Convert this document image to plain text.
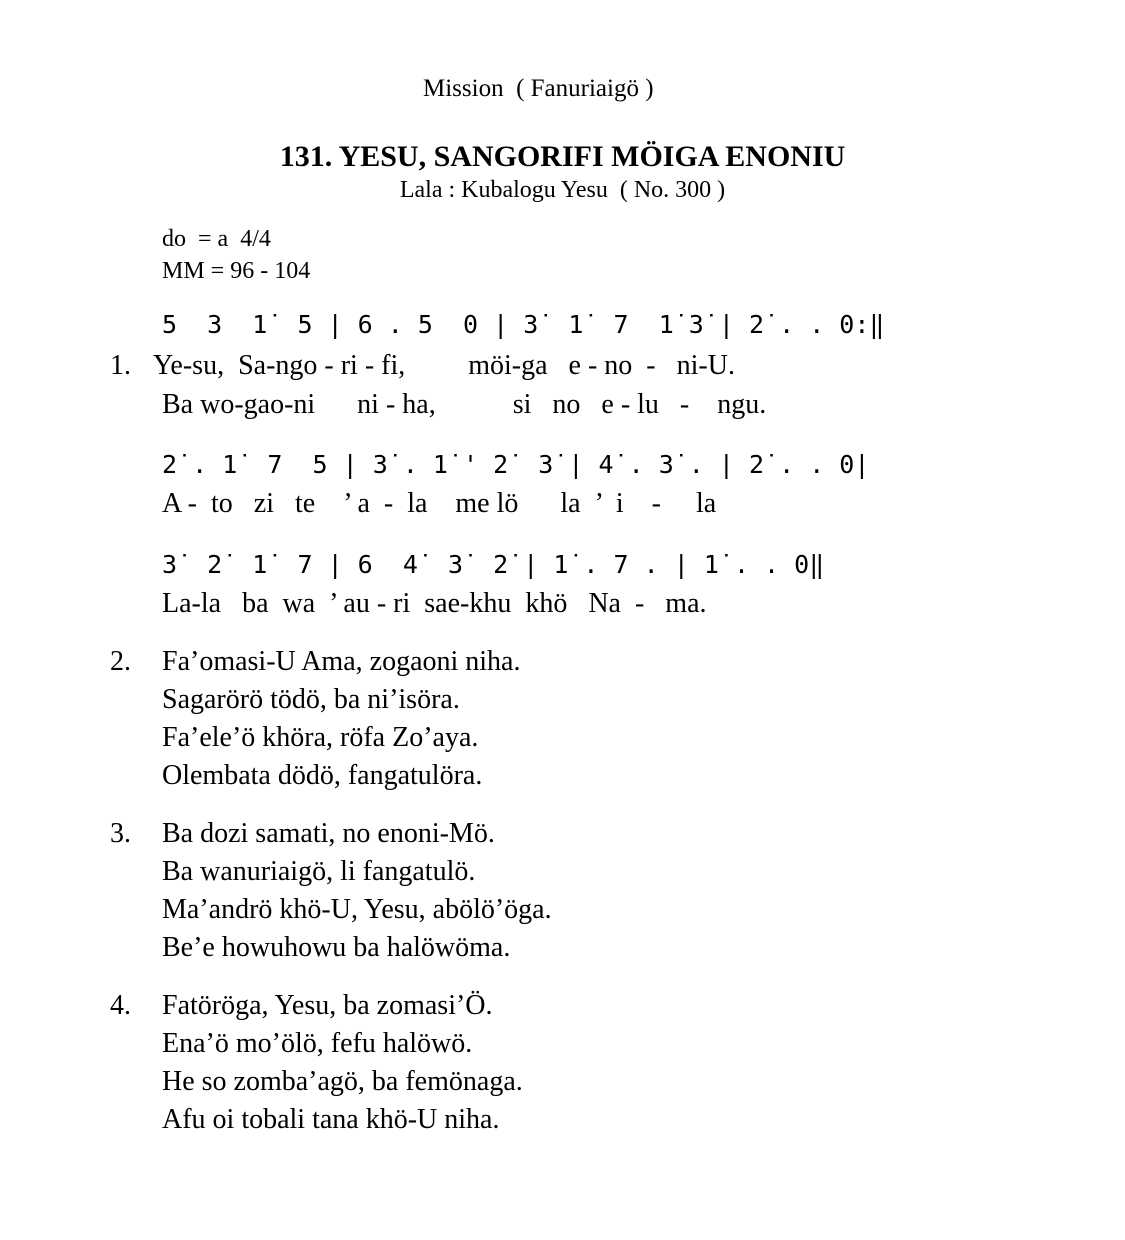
Mission  ( Fanuriaigö )
131. YESU, SANGORIFI MÖIGA ENONIU
Lala : Kubalogu Yesu  ( No. 300 )
do  = a  4/4
MM = 96 - 104
5  3  1̇  5 | 6 . 5  0 | 3̇  1̇  7  1̇ 3̇ | 2̇ . . 0:‖
2̇ . 1̇  7  5 | 3̇ . 1̇ ' 2̇  3̇ | 4̇ . 3̇ . | 2̇ . . 0|
3̇  2̇  1̇  7 | 6  4̇  3̇  2̇ | 1̇ . 7 . | 1̇ . . 0‖
1. Ye-su,  Sa-ngo - ri - fi,         möi-ga   e - no  -   ni-U.
Ba wo-gao-ni      ni - ha,           si   no   e - lu   -    ngu.
A -  to   zi   te    ’ a  -  la    me lö      la  ’  i    -     la
La-la   ba  wa  ’ au - ri  sae-khu  khö   Na  -   ma.
2. Fa’omasi-U Ama, zogaoni niha.
Sagarörö tödö, ba ni’isöra.
Fa’ele’ö khöra, röfa Zo’aya.
Olembata dödö, fangatulöra.
3. Ba dozi samati, no enoni-Mö.
Ba wanuriaigö, li fangatulö.
Ma’andrö khö-U, Yesu, abölö’öga.
Be’e howuhowu ba halöwöma.
4. Fatöröga, Yesu, ba zomasi’Ö.
Ena’ö mo’ölö, fefu halöwö.
He so zomba’agö, ba femönaga.
Afu oi tobali tana khö-U niha.
